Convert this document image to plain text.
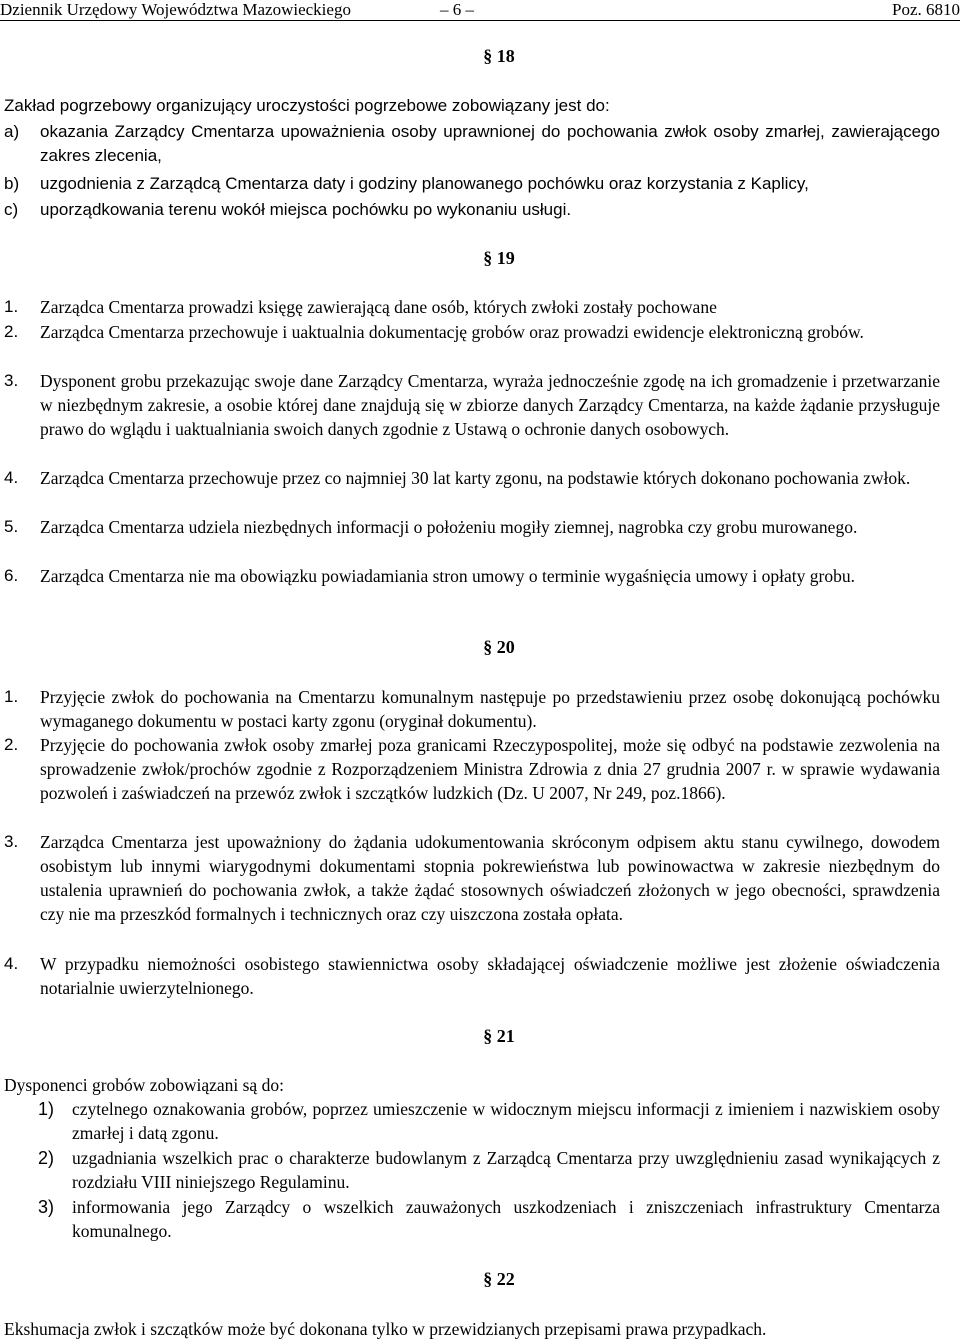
Dziennik Urzędowy Województwa Mazowieckiego	– 6 –	Poz. 6810
§ 18
Zakład pogrzebowy organizujący uroczystości pogrzebowe zobowiązany jest do:
a) okazania Zarządcy Cmentarza upoważnienia osoby uprawnionej do pochowania zwłok osoby zmarłej, zawierającego zakres zlecenia,
b) uzgodnienia z Zarządcą Cmentarza daty i godziny planowanego pochówku oraz korzystania z Kaplicy,
c) uporządkowania terenu wokół miejsca pochówku po wykonaniu usługi.
§ 19
1. Zarządca Cmentarza prowadzi księgę zawierającą dane osób, których zwłoki zostały pochowane
2. Zarządca Cmentarza przechowuje i uaktualnia dokumentację grobów oraz prowadzi ewidencje elektroniczną grobów.
3. Dysponent grobu przekazując swoje dane Zarządcy Cmentarza, wyraża jednocześnie zgodę na ich gromadzenie i przetwarzanie w niezbędnym zakresie, a osobie której dane znajdują się w zbiorze danych Zarządcy Cmentarza, na każde żądanie przysługuje prawo do wglądu i uaktualniania swoich danych zgodnie z Ustawą o ochronie danych osobowych.
4. Zarządca Cmentarza przechowuje przez co najmniej 30 lat karty zgonu, na podstawie których dokonano pochowania zwłok.
5. Zarządca Cmentarza udziela niezbędnych informacji o położeniu mogiły ziemnej, nagrobka czy grobu murowanego.
6. Zarządca Cmentarza nie ma obowiązku powiadamiania stron umowy o terminie wygaśnięcia umowy i opłaty grobu.
§ 20
1. Przyjęcie zwłok do pochowania na Cmentarzu komunalnym następuje po przedstawieniu przez osobę dokonującą pochówku wymaganego dokumentu w postaci karty zgonu (oryginał dokumentu).
2. Przyjęcie do pochowania zwłok osoby zmarłej poza granicami Rzeczypospolitej, może się odbyć na podstawie zezwolenia na sprowadzenie zwłok/prochów zgodnie z Rozporządzeniem Ministra Zdrowia z dnia 27 grudnia 2007 r. w sprawie wydawania pozwoleń i zaświadczeń na przewóz zwłok i szczątków ludzkich (Dz. U 2007, Nr 249, poz.1866).
3. Zarządca Cmentarza jest upoważniony do żądania udokumentowania skróconym odpisem aktu stanu cywilnego, dowodem osobistym lub innymi wiarygodnymi dokumentami stopnia pokrewieństwa lub powinowactwa w zakresie niezbędnym do ustalenia uprawnień do pochowania zwłok, a także żądać stosownych oświadczeń złożonych w jego obecności, sprawdzenia czy nie ma przeszkód formalnych i technicznych oraz czy uiszczona została opłata.
4. W przypadku niemożności osobistego stawiennictwa osoby składającej oświadczenie możliwe jest złożenie oświadczenia notarialnie uwierzytelnionego.
§ 21
Dysponenci grobów zobowiązani są do:
1) czytelnego oznakowania grobów, poprzez umieszczenie w widocznym miejscu informacji z imieniem i nazwiskiem osoby zmarłej i datą zgonu.
2) uzgadniania wszelkich prac o charakterze budowlanym z Zarządcą Cmentarza przy uwzględnieniu zasad wynikających z rozdziału VIII niniejszego Regulaminu.
3) informowania jego Zarządcy o wszelkich zauważonych uszkodzeniach i zniszczeniach infrastruktury Cmentarza komunalnego.
§ 22
Ekshumacja zwłok i szczątków może być dokonana tylko w przewidzianych przepisami prawa przypadkach.
